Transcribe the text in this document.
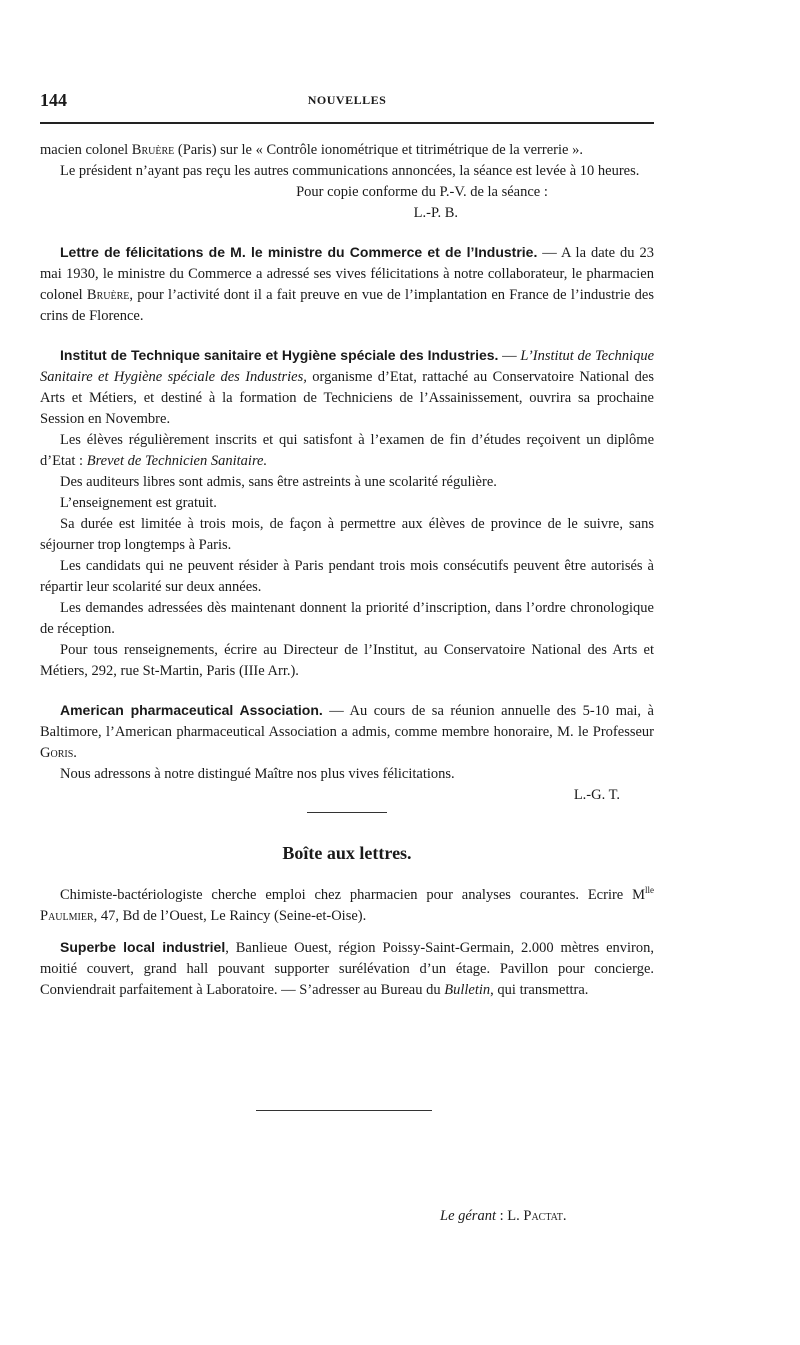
144	NOUVELLES

macien colonel Bruère (Paris) sur le « Contrôle ionométrique et titrimétrique de la verrerie ».

Le président n’ayant pas reçu les autres communications annoncées, la séance est levée à 10 heures.

Pour copie conforme du P.-V. de la séance :

L.-P. B.

Lettre de félicitations de M. le ministre du Commerce et de l’Industrie. — A la date du 23 mai 1930, le ministre du Commerce a adressé ses vives félicitations à notre collaborateur, le pharmacien colonel Bruère, pour l’activité dont il a fait preuve en vue de l’implantation en France de l’industrie des crins de Florence.

Institut de Technique sanitaire et Hygiène spéciale des Industries. — L’Institut de Technique Sanitaire et Hygiène spéciale des Industries, organisme d’Etat, rattaché au Conservatoire National des Arts et Métiers, et destiné à la formation de Techniciens de l’Assainissement, ouvrira sa prochaine Session en Novembre.

Les élèves régulièrement inscrits et qui satisfont à l’examen de fin d’études reçoivent un diplôme d’Etat : Brevet de Technicien Sanitaire.

Des auditeurs libres sont admis, sans être astreints à une scolarité régulière.

L’enseignement est gratuit.

Sa durée est limitée à trois mois, de façon à permettre aux élèves de province de le suivre, sans séjourner trop longtemps à Paris.

Les candidats qui ne peuvent résider à Paris pendant trois mois consécutifs peuvent être autorisés à répartir leur scolarité sur deux années.

Les demandes adressées dès maintenant donnent la priorité d’inscription, dans l’ordre chronologique de réception.

Pour tous renseignements, écrire au Directeur de l’Institut, au Conservatoire National des Arts et Métiers, 292, rue St-Martin, Paris (IIIe Arr.).

American pharmaceutical Association. — Au cours de sa réunion annuelle des 5-10 mai, à Baltimore, l’American pharmaceutical Association a admis, comme membre honoraire, M. le Professeur Goris.

Nous adressons à notre distingué Maître nos plus vives félicitations.

L.-G. T.

Boîte aux lettres.

Chimiste-bactériologiste cherche emploi chez pharmacien pour analyses courantes. Ecrire $M^{lle}$ Paulmier, 47, Bd de l’Ouest, Le Raincy (Seine-et-Oise).

Superbe local industriel, Banlieue Ouest, région Poissy-Saint-Germain, 2.000 mètres environ, moitié couvert, grand hall pouvant supporter surélévation d’un étage. Pavillon pour concierge. Conviendrait parfaitement à Laboratoire. — S’adresser au Bureau du Bulletin, qui transmettra.

Le gérant : L. Pactat.
